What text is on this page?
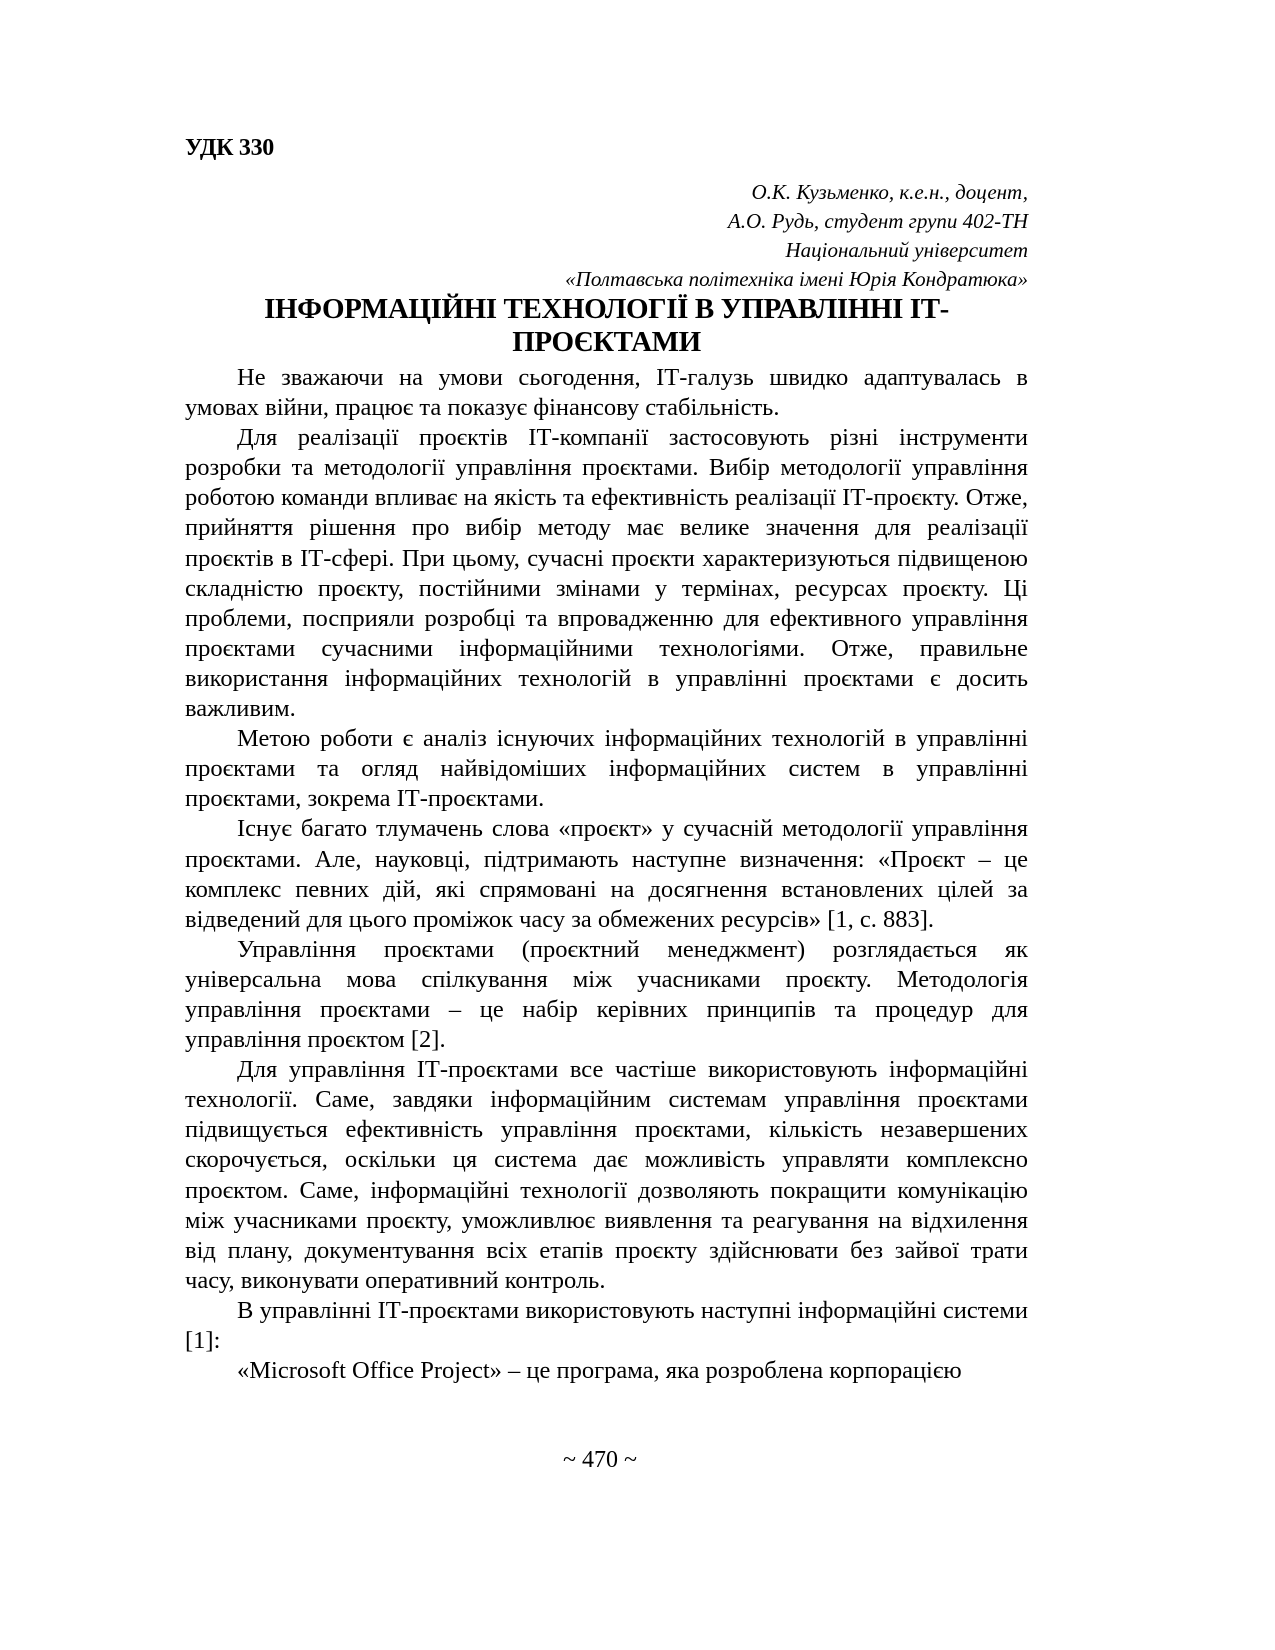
УДК 330
О.К. Кузьменко, к.е.н., доцент,
А.О. Рудь, студент групи 402-ТН
Національний університет
«Полтавська політехніка імені Юрія Кондратюка»
ІНФОРМАЦІЙНІ ТЕХНОЛОГІЇ В УПРАВЛІННІ ІТ-
ПРОЄКТАМИ

Не зважаючи на умови сьогодення, ІТ-галузь швидко адаптувалась в умовах війни, працює та показує фінансову стабільність.

Для реалізації проєктів ІТ-компанії застосовують різні інструменти розробки та методології управління проєктами. Вибір методології управління роботою команди впливає на якість та ефективність реалізації ІТ-проєкту. Отже, прийняття рішення про вибір методу має велике значення для реалізації проєктів в ІТ-сфері. При цьому, сучасні проєкти характеризуються підвищеною складністю проєкту, постійними змінами у термінах, ресурсах проєкту. Ці проблеми, посприяли розробці та впровадженню для ефективного управління проєктами сучасними інформаційними технологіями. Отже, правильне використання інформаційних технологій в управлінні проєктами є досить важливим.

Метою роботи є аналіз існуючих інформаційних технологій в управлінні проєктами та огляд найвідоміших інформаційних систем в управлінні проєктами, зокрема ІТ-проєктами.

Існує багато тлумачень слова «проєкт» у сучасній методології управління проєктами. Але, науковці, підтримають наступне визначення: «Проєкт – це комплекс певних дій, які спрямовані на досягнення встановлених цілей за відведений для цього проміжок часу за обмежених ресурсів» [1, с. 883].

Управління проєктами (проєктний менеджмент) розглядається як універсальна мова спілкування між учасниками проєкту. Методологія управління проєктами – це набір керівних принципів та процедур для управління проєктом [2].

Для управління ІТ-проєктами все частіше використовують інформаційні технології. Саме, завдяки інформаційним системам управління проєктами підвищується ефективність управління проєктами, кількість незавершених скорочується, оскільки ця система дає можливість управляти комплексно проєктом. Саме, інформаційні технології дозволяють покращити комунікацію між учасниками проєкту, уможливлює виявлення та реагування на відхилення від плану, документування всіх етапів проєкту здійснювати без зайвої трати часу, виконувати оперативний контроль.

В управлінні ІТ-проєктами використовують наступні інформаційні системи [1]:

«Microsoft Office Project» – це програма, яка розроблена корпорацією

~ 470 ~
